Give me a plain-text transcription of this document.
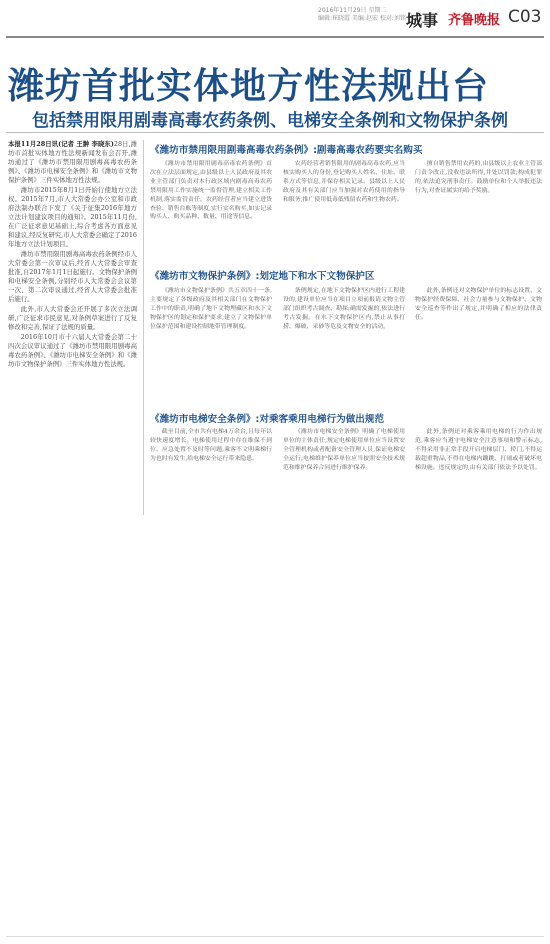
2016年11月29日 星期二
编辑:崔晓霞 美编:赵宏 校对:刘铭 城事 齐鲁晚报 C03
潍坊首批实体地方性法规出台
包括禁用限用剧毒高毒农药条例、电梯安全条例和文物保护条例

本报11月28日讯(记者 王翀 李晓东)28日,潍坊市首批实体地方性法规新闻发布会召开,潍坊通过了《潍坊市禁用限用剧毒高毒农药条例》、《潍坊市电梯安全条例》和《潍坊市文物保护条例》三件实体地方性法规。

潍坊市2015年8月1日开始行使地方立法权。2015年7月,市人大常委会办公室和市政府法制办联合下发了《关于征集2016年地方立法计划建议项目的通知》。2015年11月份,在广泛征求意见基础上,综合考虑各方面意见和建议,经反复研究,市人大常委会确定了2016年地方立法计划项目。

潍坊市禁用限用剧毒高毒农药条例经市人大常委会第一次审议后,经省人大常委会审查批准,自2017年1月1日起施行。文物保护条例和电梯安全条例,分别经市人大常委会会议第一次、第二次审议通过,经省人大常委会批准后施行。

此外,市人大常委会还开展了多次立法调研,广泛征求市民意见,对条例草案进行了反复修改和完善,保证了法规的质量。

2016年10月市十六届人大常委会第二十四次会议审议通过了《潍坊市禁用限用剧毒高毒农药条例》、《潍坊市电梯安全条例》和《潍坊市文物保护条例》三件实体地方性法规。

《潍坊市禁用限用剧毒高毒农药条例》:剧毒高毒农药要实名购买

《潍坊市禁用限用剧毒高毒农药条例》首次在立法层面规定,由县级以上人民政府及其农业主管部门负责对本行政区域内剧毒高毒农药禁用限用工作实施统一监督管理,建立相关工作机制,落实监管责任。农药经营者应当建立进货查验、销售台账等制度,实行实名购买,如实记录购买人、购买品种、数量、用途等信息。

农药经营者销售限用的剧毒高毒农药,应当核实购买人的身份,登记购买人姓名、住址、联系方式等信息,并保存相关记录。县级以上人民政府及其有关部门应当加强对农药使用的指导和服务,推广使用低毒低残留农药和生物农药。

擅自销售禁用农药的,由县级以上农业主管部门责令改正,没收违法所得,并处以罚款;构成犯罪的,依法追究刑事责任。鼓励单位和个人举报违法行为,对查证属实的给予奖励。

《潍坊市文物保护条例》:划定地下和水下文物保护区

《潍坊市文物保护条例》共五章四十一条,主要规定了各级政府及其相关部门在文物保护工作中的职责,明确了地下文物埋藏区和水下文物保护区的划定和保护要求,建立了文物保护单位保护范围和建设控制地带管理制度。

条例规定,在地下文物保护区内进行工程建设的,建设单位应当在项目立项前报请文物主管部门组织考古调查、勘探;确需发掘的,依法进行考古发掘。在水下文物保护区内,禁止从事打捞、爆破、采砂等危及文物安全的活动。

此外,条例还对文物保护单位的标志设置、文物保护经费保障、社会力量参与文物保护、文物安全巡查等作出了规定,并明确了相应的法律责任。

《潍坊市电梯安全条例》:对乘客乘用电梯行为做出规范

截至目前,全市共有电梯4万余台,且每年以较快速度增长。电梯使用过程中存在维保不到位、应急处置不及时等问题,乘客不文明乘梯行为也时有发生,给电梯安全运行带来隐患。

《潍坊市电梯安全条例》明确了电梯使用单位的主体责任,规定电梯使用单位应当设置安全管理机构或者配备安全管理人员,保证电梯安全运行;电梯维护保养单位应当按照安全技术规范和维护保养合同进行维护保养。

此外,条例还对乘客乘用电梯的行为作出规范,乘客应当遵守电梯安全注意事项和警示标志,不得采用非正常手段开启电梯层门、轿门,不得运载超重物品,不得在电梯内蹦跳、打闹或者破坏电梯设施。违反规定的,由有关部门依法予以处罚。
